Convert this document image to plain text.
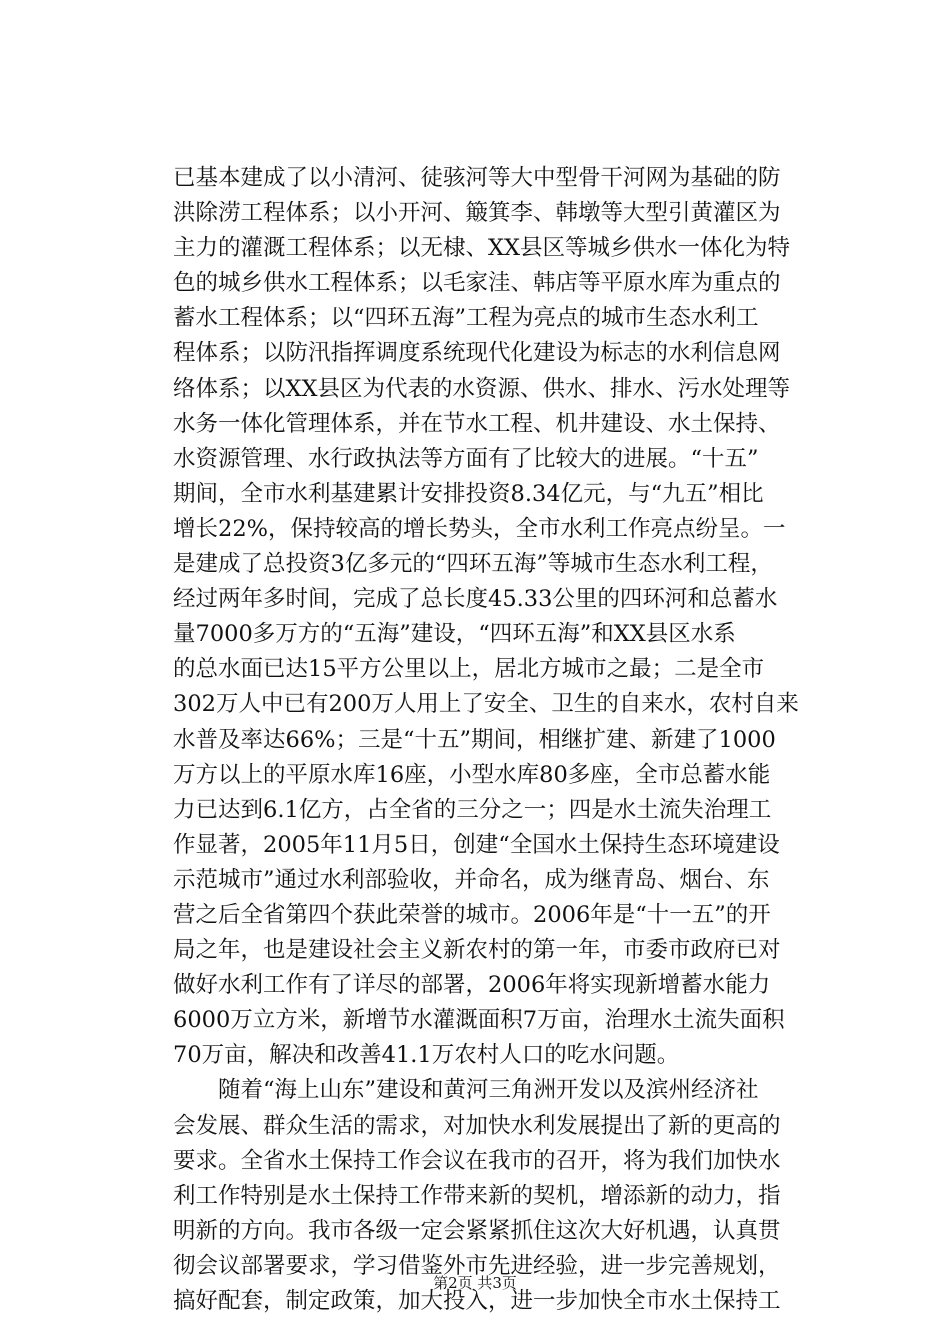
已基本建成了以小清河、徒骇河等大中型骨干河网为基础的防
洪除涝工程体系；以小开河、簸箕李、韩墩等大型引黄灌区为
主力的灌溉工程体系；以无棣、XX县区等城乡供水一体化为特
色的城乡供水工程体系；以毛家洼、韩店等平原水库为重点的
蓄水工程体系；以“四环五海”工程为亮点的城市生态水利工
程体系；以防汛指挥调度系统现代化建设为标志的水利信息网
络体系；以XX县区为代表的水资源、供水、排水、污水处理等
水务一体化管理体系，并在节水工程、机井建设、水土保持、
水资源管理、水行政执法等方面有了比较大的进展。“十五”
期间，全市水利基建累计安排投资8.34亿元，与“九五”相比
增长22%，保持较高的增长势头，全市水利工作亮点纷呈。一
是建成了总投资3亿多元的“四环五海”等城市生态水利工程，
经过两年多时间，完成了总长度45.33公里的四环河和总蓄水
量7000多万方的“五海”建设，“四环五海”和XX县区水系
的总水面已达15平方公里以上，居北方城市之最；二是全市
302万人中已有200万人用上了安全、卫生的自来水，农村自来
水普及率达66%；三是“十五”期间，相继扩建、新建了1000
万方以上的平原水库16座，小型水库80多座，全市总蓄水能
力已达到6.1亿方，占全省的三分之一；四是水土流失治理工
作显著，2005年11月5日，创建“全国水土保持生态环境建设
示范城市”通过水利部验收，并命名，成为继青岛、烟台、东
营之后全省第四个获此荣誉的城市。2006年是“十一五”的开
局之年，也是建设社会主义新农村的第一年，市委市政府已对
做好水利工作有了详尽的部署，2006年将实现新增蓄水能力
6000万立方米，新增节水灌溉面积7万亩，治理水土流失面积
70万亩，解决和改善41.1万农村人口的吃水问题。
随着“海上山东”建设和黄河三角洲开发以及滨州经济社
会发展、群众生活的需求，对加快水利发展提出了新的更高的
要求。全省水土保持工作会议在我市的召开，将为我们加快水
利工作特别是水土保持工作带来新的契机，增添新的动力，指
明新的方向。我市各级一定会紧紧抓住这次大好机遇，认真贯
彻会议部署要求，学习借鉴外市先进经验，进一步完善规划，
搞好配套，制定政策，加大投入，进一步加快全市水土保持工
第2页 共3页
